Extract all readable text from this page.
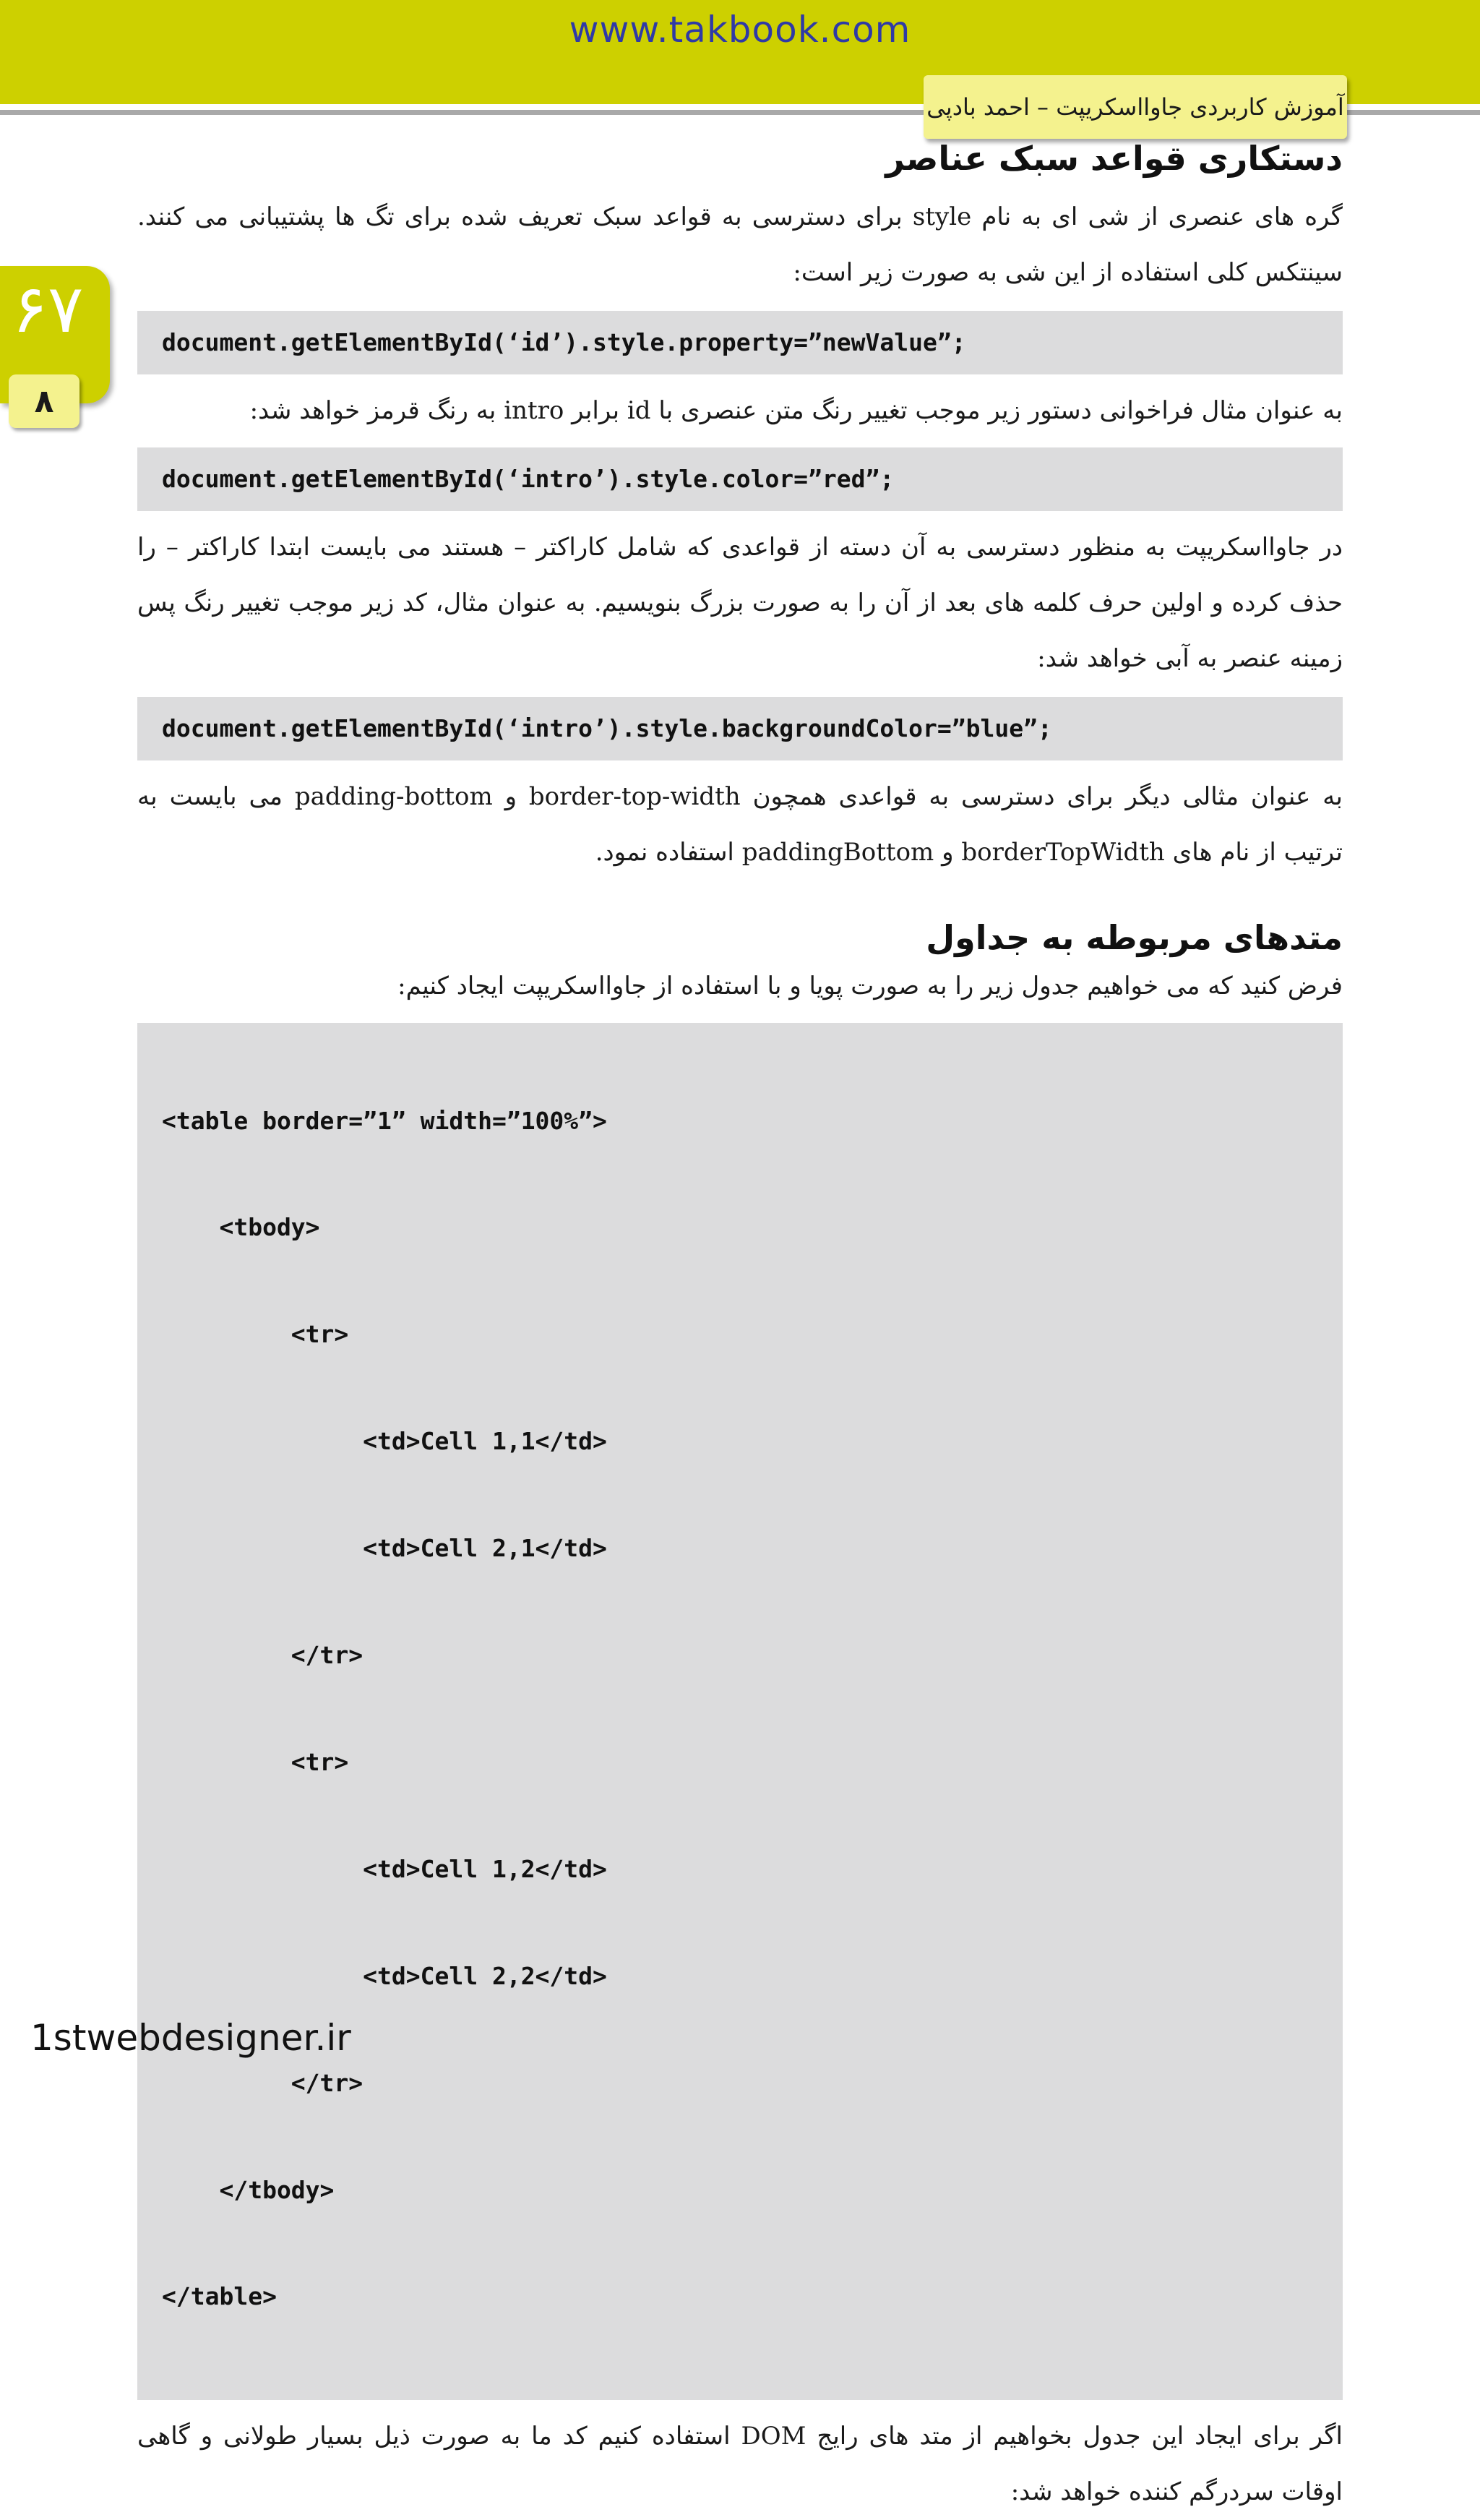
www.takbook.com
آموزش کاربردی جاوااسکریپت – احمد بادپی
۶۷
۸
دستکاری قواعد سبک عناصر

گره های عنصری از شی ای به نام style برای دسترسی به قواعد سبک تعریف شده برای تگ ها پشتیبانی می کنند. سینتکس کلی استفاده از این شی به صورت زیر است:

document.getElementById(‘id’).style.property=”newValue”;

به عنوان مثال فراخوانی دستور زیر موجب تغییر رنگ متن عنصری با id برابر intro به رنگ قرمز خواهد شد:

document.getElementById(‘intro’).style.color=”red”;

در جاوااسکریپت به منظور دسترسی به آن دسته از قواعدی که شامل کاراکتر – هستند می بایست ابتدا کاراکتر – را حذف کرده و اولین حرف کلمه های بعد از آن را به صورت بزرگ بنویسیم. به عنوان مثال، کد زیر موجب تغییر رنگ پس زمینه عنصر به آبی خواهد شد:

document.getElementById(‘intro’).style.backgroundColor=”blue”;

به عنوان مثالی دیگر برای دسترسی به قواعدی همچون border-top-width و padding-bottom می بایست به ترتیب از نام های borderTopWidth و paddingBottom استفاده نمود.

متدهای مربوطه به جداول

فرض کنید که می خواهیم جدول زیر را به صورت پویا و با استفاده از جاوااسکریپت ایجاد کنیم:

<table border=”1” width=”100%”>

<tbody>

<tr>

<td>Cell 1,1</td>

<td>Cell 2,1</td>

</tr>

<tr>

<td>Cell 1,2</td>

<td>Cell 2,2</td>

</tr>

</tbody>

</table>

اگر برای ایجاد این جدول بخواهیم از متد های رایج DOM استفاده کنیم کد ما به صورت ذیل بسیار طولانی و گاهی اوقات سردرگم کننده خواهد شد:

1stwebdesigner.ir
